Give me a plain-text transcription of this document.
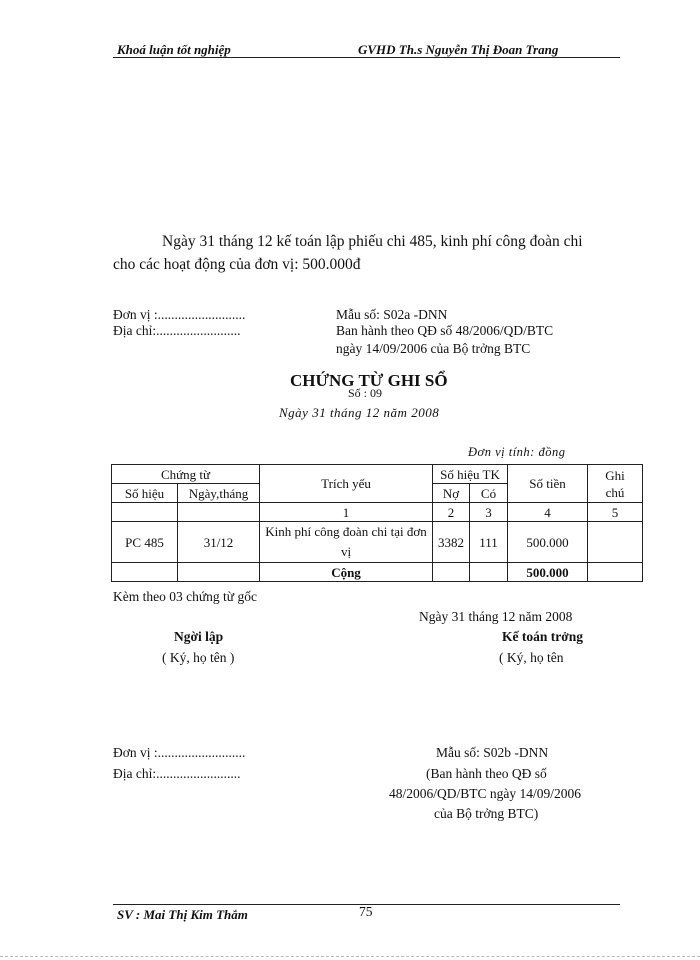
Khoá luận tốt nghiệp	GVHD Th.s Nguyễn Thị Đoan Trang
Ngày 31 tháng 12 kế toán lập phiếu chi 485, kinh phí công đoàn chi
cho các hoạt động của đơn vị: 500.000đ
Đơn vị :..........................
Địa chỉ:.........................
Mẫu số: S02a -DNN
Ban hành theo QĐ số 48/2006/QD/BTC
ngày 14/09/2006 của Bộ trởng BTC
CHỨNG TỪ GHI SỔ
Số : 09
Ngày 31 tháng 12 năm 2008
Đơn vị tính: đồng
Chứng từ		Trích yếu	Số hiệu TK		Số tiền	Ghi chú
Số hiệu	Ngày,tháng		Nợ	Có		
		1	2	3	4	5
PC 485	31/12	Kinh phí công đoàn chi tại đơn vị	3382	111	500.000	
		Cộng			500.000	
Kèm theo 03 chứng từ gốc
Ngày 31 tháng 12 năm 2008
Ngời lập	Kế toán trởng
( Ký, họ tên )	( Ký, họ tên
Đơn vị :..........................
Địa chỉ:.........................
Mẫu số: S02b -DNN
(Ban hành theo QĐ số
48/2006/QD/BTC ngày 14/09/2006
của Bộ trởng BTC)
SV : Mai Thị Kim Thắm	75
